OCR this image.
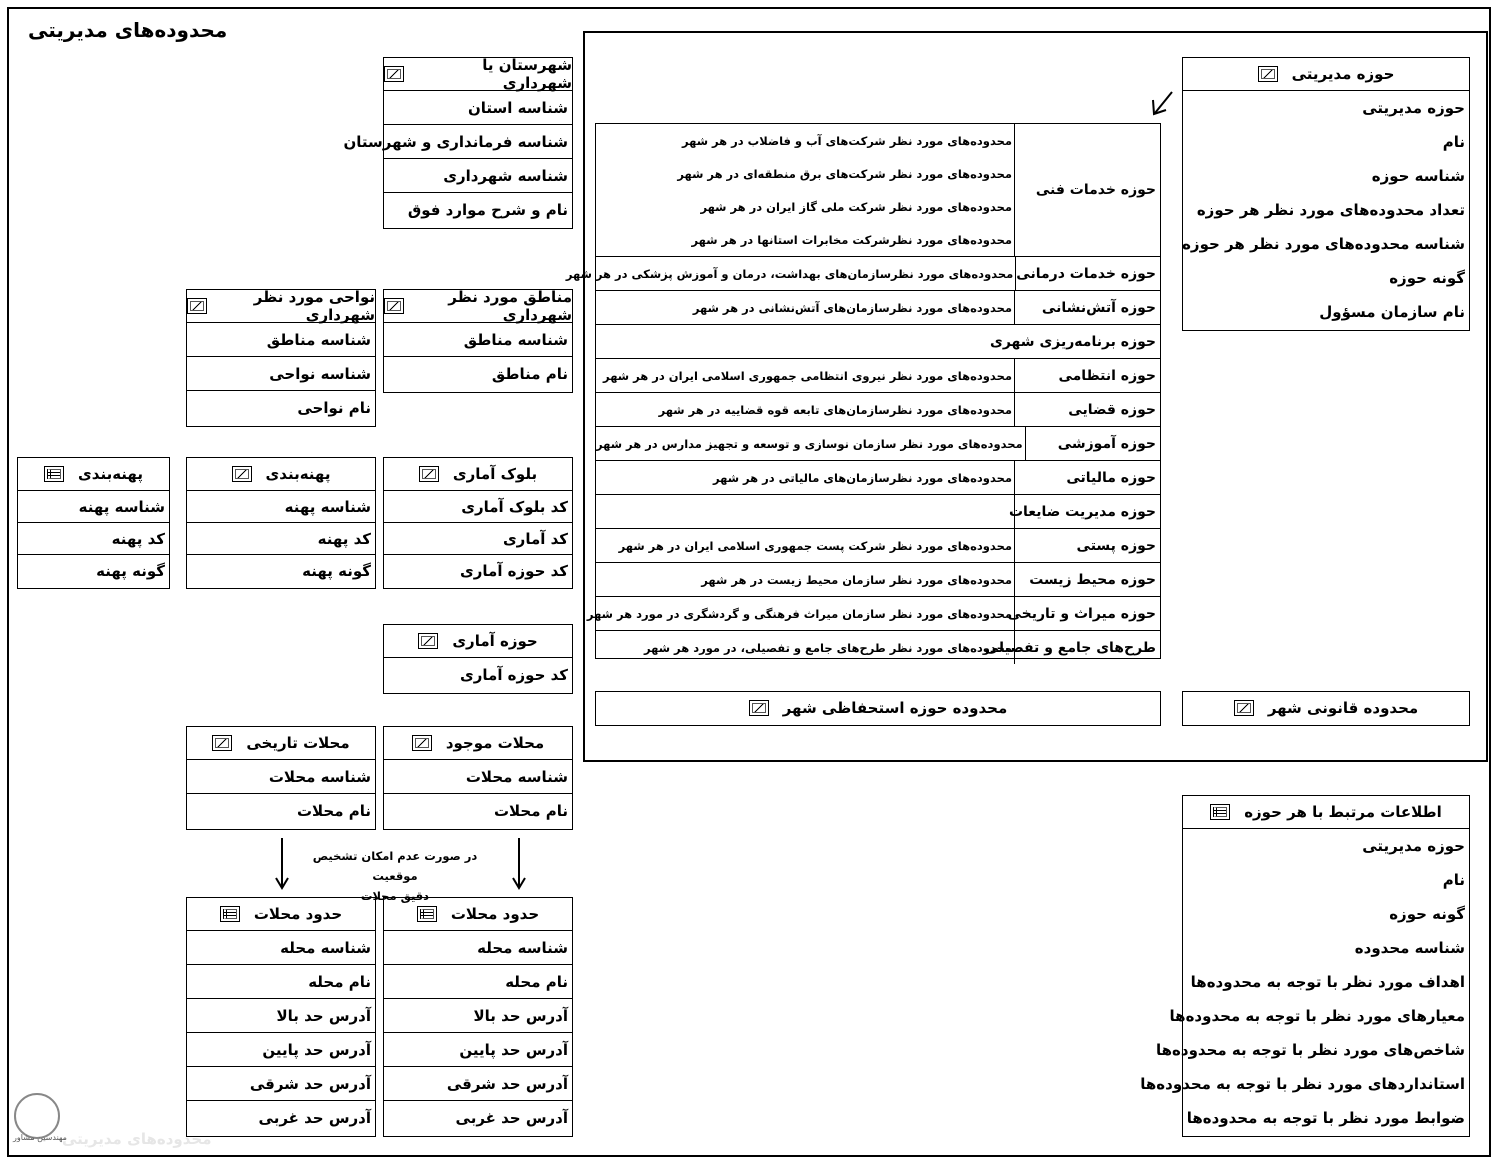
محدوده‌های مدیریتی
شهرستان یا شهرداری
شناسه استان
شناسه فرمانداری و شهرستان
شناسه شهرداری
نام و شرح موارد فوق
مناطق مورد نظر شهرداری
شناسه مناطق
نام مناطق
نواحی مورد نظر شهرداری
شناسه مناطق
شناسه نواحی
نام نواحی
بلوک آماری
کد بلوک آماری
کد آماری
کد حوزه آماری
پهنه‌بندی
شناسه پهنه
کد پهنه
گونه پهنه
پهنه‌بندی
شناسه پهنه
کد پهنه
گونه پهنه
حوزه آماری
کد حوزه آماری
محلات موجود
شناسه محلات
نام محلات
محلات تاریخی
شناسه محلات
نام محلات
حدود محلات
شناسه محله
نام محله
آدرس حد بالا
آدرس حد پایین
آدرس حد شرقی
آدرس حد غربی
حدود محلات
شناسه محله
نام محله
آدرس حد بالا
آدرس حد پایین
آدرس حد شرقی
آدرس حد غربی
حوزه مدیریتی
حوزه مدیریتی
نام
شناسه حوزه
تعداد محدوده‌های مورد نظر هر حوزه
شناسه محدوده‌های مورد نظر هر حوزه
گونه حوزه
نام سازمان مسؤول
اطلاعات مرتبط با هر حوزه
حوزه مدیریتی
نام
گونه حوزه
شناسه محدوده
اهداف مورد نظر با توجه به محدوده‌ها
معیارهای مورد نظر با توجه به محدوده‌ها
شاخص‌های مورد نظر با توجه به محدوده‌ها
استانداردهای مورد نظر با توجه به محدوده‌ها
ضوابط مورد نظر با توجه به محدوده‌ها
حوزه خدمات فنی
محدوده‌های مورد نظر شرکت‌های آب و فاضلاب در هر شهر
محدوده‌های مورد نظر شرکت‌های برق منطقه‌ای در هر شهر
محدوده‌های مورد نظر شرکت ملی گاز ایران در هر شهر
محدوده‌های مورد نظرشرکت مخابرات استانها در هر شهر
حوزه خدمات درمانی
محدوده‌های مورد نظرسازمان‌های بهداشت، درمان و آموزش پزشکی در هر شهر
حوزه آتش‌نشانی
محدوده‌های مورد نظرسازمان‌های آتش‌نشانی در هر شهر
حوزه برنامه‌ریزی شهری
حوزه انتظامی
محدوده‌های مورد نظر نیروی انتظامی جمهوری اسلامی ایران در هر شهر
حوزه قضایی
محدوده‌های مورد نظرسازمان‌های تابعه قوه قضاییه در هر شهر
حوزه آموزشی
محدوده‌های مورد نظر سازمان نوسازی و توسعه و تجهیز مدارس در هر شهر
حوزه مالیاتی
محدوده‌های مورد نظرسازمان‌های مالیاتی در هر شهر
حوزه مدیریت ضایعات
حوزه پستی
محدوده‌های مورد نظر شرکت پست جمهوری اسلامی ایران در هر شهر
حوزه محیط زیست
محدوده‌های مورد نظر سازمان محیط زیست در هر شهر
حوزه میراث و تاریخی
محدوده‌های مورد نظر سازمان میراث فرهنگی و گردشگری در مورد هر شهر
طرح‌های جامع و تفصیلی
محدوده‌های مورد نظر طرح‌های جامع و تفصیلی، در مورد هر شهر
محدوده حوزه استحفاظی شهر	محدوده قانونی شهر
در صورت عدم امکان تشخیص موقعیت
دقیق محلات
مهندسین مشاور
محدوده‌های مدیریتی
